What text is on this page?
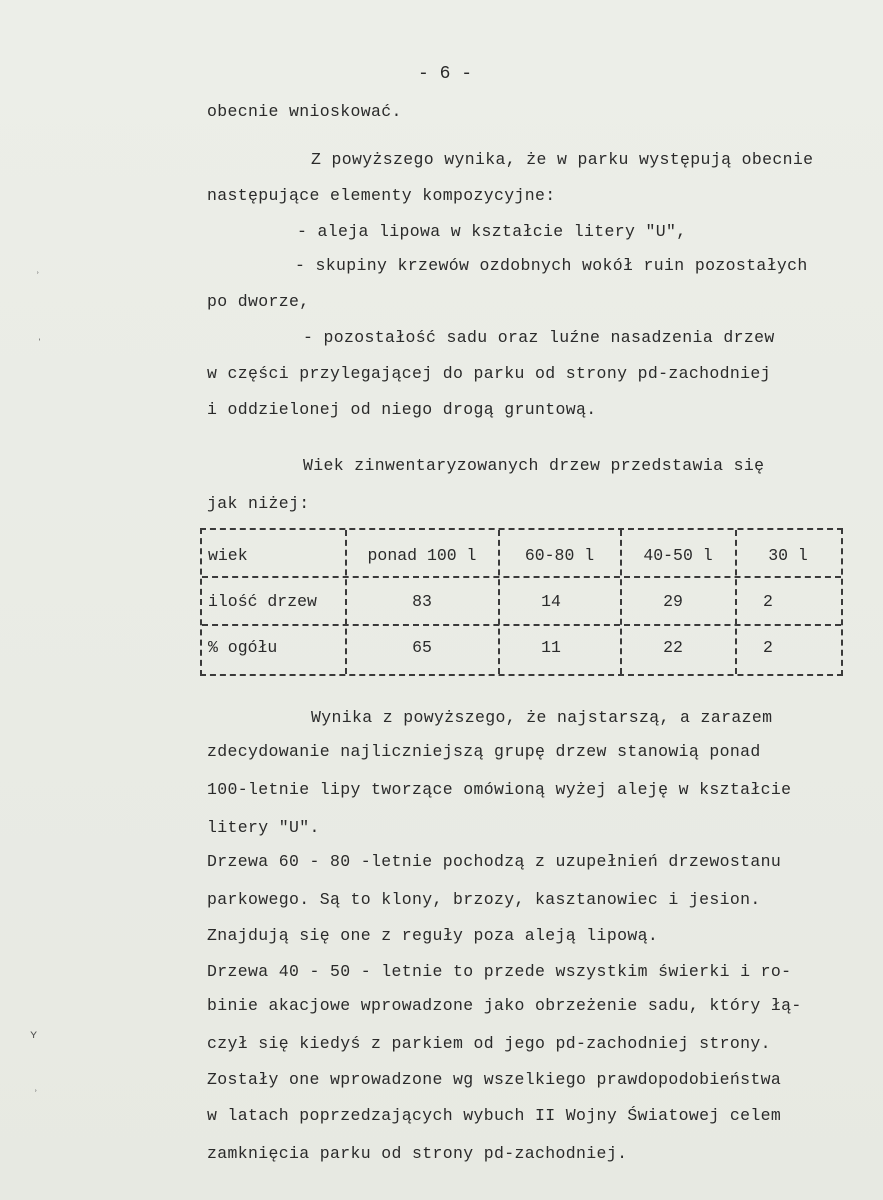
- 6 -
obecnie wnioskować.
Z powyższego wynika, że w parku występują obecnie
następujące elementy kompozycyjne:
- aleja lipowa w kształcie litery "U",
- skupiny krzewów ozdobnych wokół ruin pozostałych
po dworze,
- pozostałość sadu oraz luźne nasadzenia drzew
w części przylegającej do parku od strony pd-zachodniej
i oddzielonej od niego drogą gruntową.
Wiek zinwentaryzowanych drzew przedstawia się
jak niżej:
wiek	ponad 100 l	60-80 l	40-50 l	30 l
ilość drzew	83	14	29	2
% ogółu	65	11	22	2
Wynika z powyższego, że najstarszą, a zarazem
zdecydowanie najliczniejszą grupę drzew stanowią ponad
100-letnie lipy tworzące omówioną wyżej aleję w kształcie
litery "U".
Drzewa 60 - 80 -letnie pochodzą z uzupełnień drzewostanu
parkowego. Są to klony, brzozy, kasztanowiec i jesion.
Znajdują się one z reguły poza aleją lipową.
Drzewa 40 - 50 - letnie to przede wszystkim świerki i ro-
binie akacjowe wprowadzone jako obrzeżenie sadu, który łą-
czył się kiedyś z parkiem od jego pd-zachodniej strony.
Zostały one wprowadzone wg wszelkiego prawdopodobieństwa
w latach poprzedzających wybuch II Wojny Światowej celem
zamknięcia parku od strony pd-zachodniej.
ʾ
ˌ
ʏ
ʾ
